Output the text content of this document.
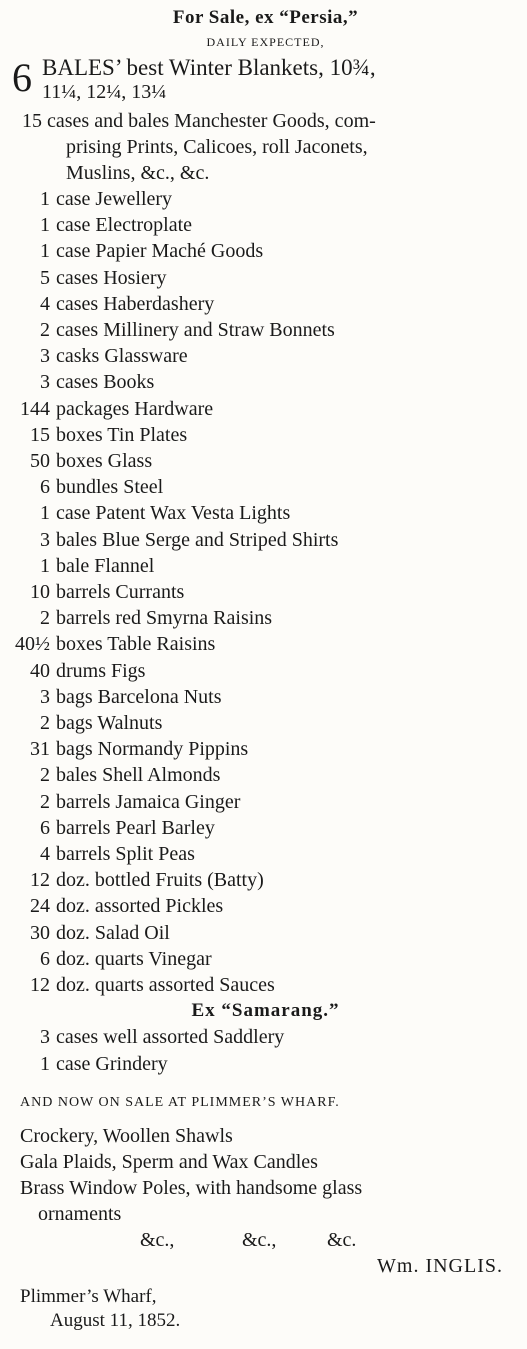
For Sale, ex “Persia,”
DAILY EXPECTED,
6 BALES’ best Winter Blankets, 10¾,
11¼, 12¼, 13¼
15 cases and bales Manchester Goods, com-
prising Prints, Calicoes, roll Jaconets,
Muslins, &c., &c.
1 case Jewellery
1 case Electroplate
1 case Papier Maché Goods
5 cases Hosiery
4 cases Haberdashery
2 cases Millinery and Straw Bonnets
3 casks Glassware
3 cases Books
144 packages Hardware
15 boxes Tin Plates
50 boxes Glass
6 bundles Steel
1 case Patent Wax Vesta Lights
3 bales Blue Serge and Striped Shirts
1 bale Flannel
10 barrels Currants
2 barrels red Smyrna Raisins
40½ boxes Table Raisins
40 drums Figs
3 bags Barcelona Nuts
2 bags Walnuts
31 bags Normandy Pippins
2 bales Shell Almonds
2 barrels Jamaica Ginger
6 barrels Pearl Barley
4 barrels Split Peas
12 doz. bottled Fruits (Batty)
24 doz. assorted Pickles
30 doz. Salad Oil
6 doz. quarts Vinegar
12 doz. quarts assorted Sauces
Ex “Samarang.”
3 cases well assorted Saddlery
1 case Grindery
AND NOW ON SALE AT PLIMMER’S WHARF.
Crockery, Woollen Shawls
Gala Plaids, Sperm and Wax Candles
Brass Window Poles, with handsome glass
ornaments
&c.,	&c.,	&c.
Wm. INGLIS.
Plimmer’s Wharf,
August 11, 1852.
